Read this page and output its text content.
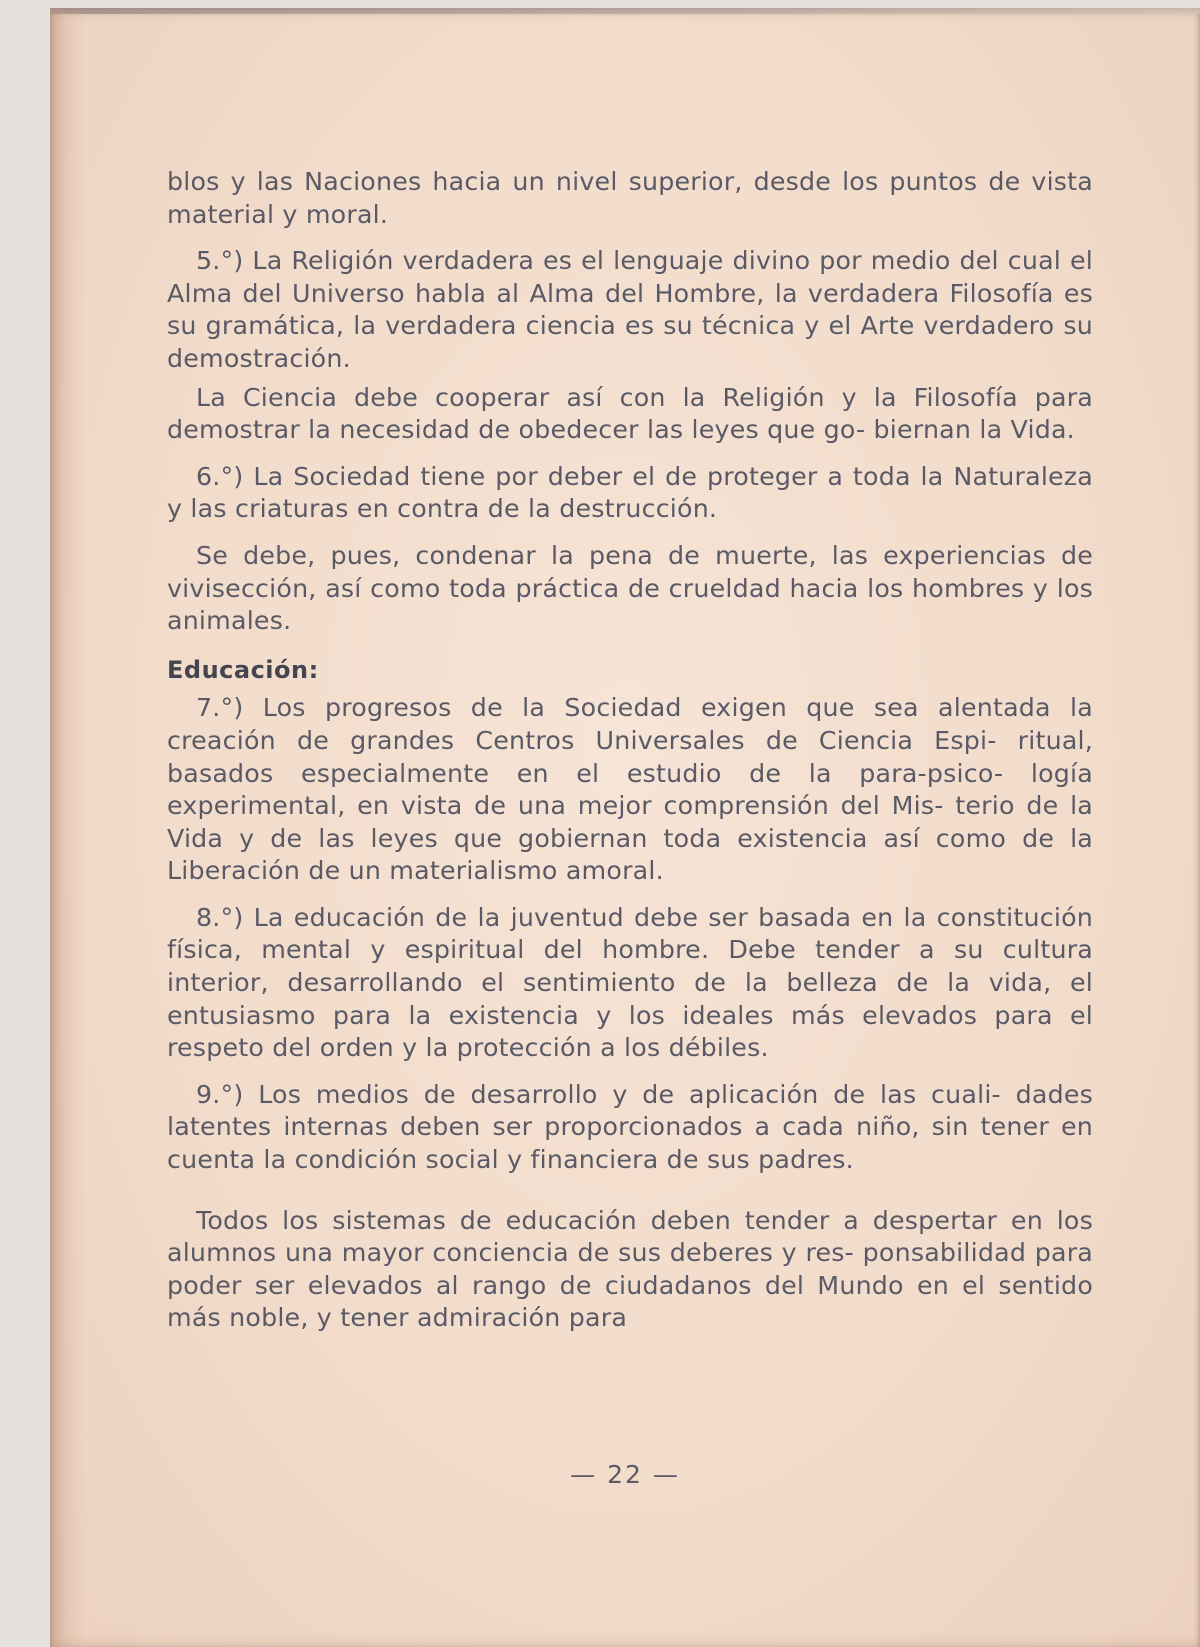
blos y las Naciones hacia un nivel superior, desde los puntos de vista material y moral.

5.°) La Religión verdadera es el lenguaje divino por medio del cual el Alma del Universo habla al Alma del Hombre, la verdadera Filosofía es su gramática, la verdadera ciencia es su técnica y el Arte verdadero su demostración.

La Ciencia debe cooperar así con la Religión y la Filosofía para demostrar la necesidad de obedecer las leyes que go- biernan la Vida.

6.°) La Sociedad tiene por deber el de proteger a toda la Naturaleza y las criaturas en contra de la destrucción.

Se debe, pues, condenar la pena de muerte, las experiencias de vivisección, así como toda práctica de crueldad hacia los hombres y los animales.

Educación:

7.°) Los progresos de la Sociedad exigen que sea alentada la creación de grandes Centros Universales de Ciencia Espi- ritual, basados especialmente en el estudio de la para-psico- logía experimental, en vista de una mejor comprensión del Mis- terio de la Vida y de las leyes que gobiernan toda existencia así como de la Liberación de un materialismo amoral.

8.°) La educación de la juventud debe ser basada en la constitución física, mental y espiritual del hombre. Debe tender a su cultura interior, desarrollando el sentimiento de la belleza de la vida, el entusiasmo para la existencia y los ideales más elevados para el respeto del orden y la protección a los débiles.

9.°) Los medios de desarrollo y de aplicación de las cuali- dades latentes internas deben ser proporcionados a cada niño, sin tener en cuenta la condición social y financiera de sus padres.

Todos los sistemas de educación deben tender a despertar en los alumnos una mayor conciencia de sus deberes y res- ponsabilidad para poder ser elevados al rango de ciudadanos del Mundo en el sentido más noble, y tener admiración para

— 22 —
